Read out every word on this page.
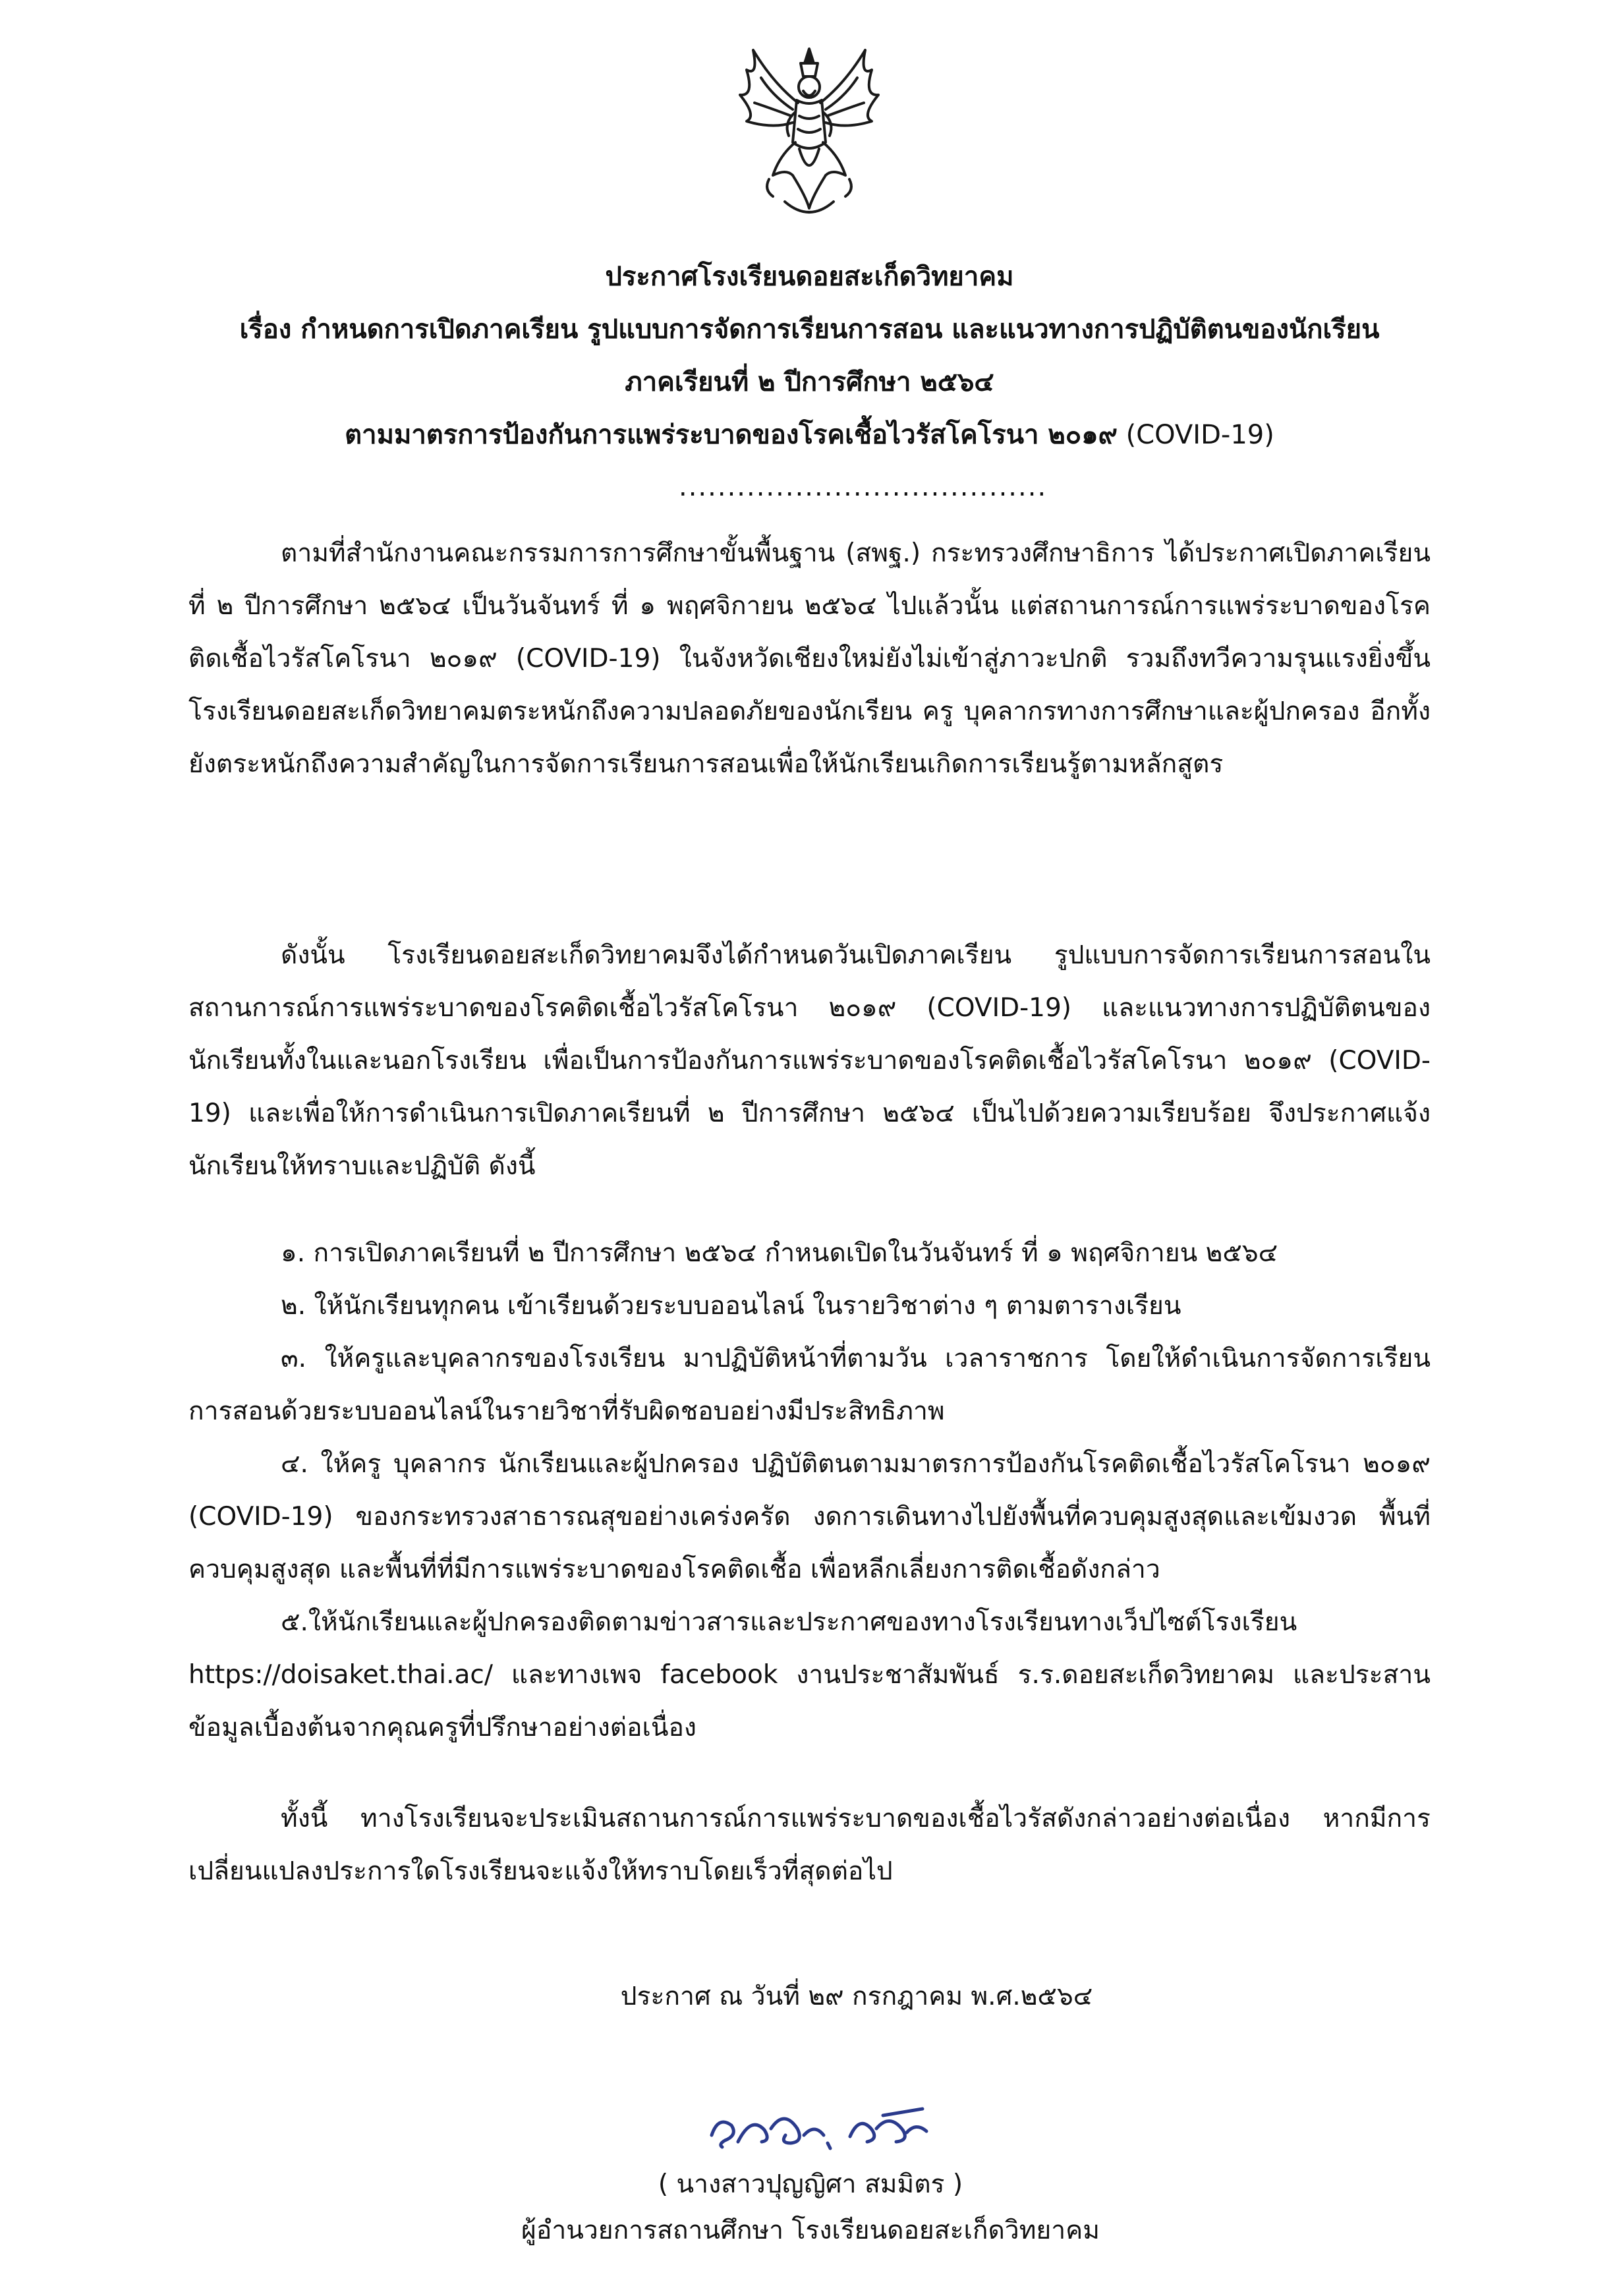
ประกาศโรงเรียนดอยสะเก็ดวิทยาคม
เรื่อง กำหนดการเปิดภาคเรียน รูปแบบการจัดการเรียนการสอน และแนวทางการปฏิบัติตนของนักเรียน
ภาคเรียนที่ ๒ ปีการศึกษา ๒๕๖๔
ตามมาตรการป้องกันการแพร่ระบาดของโรคเชื้อไวรัสโคโรนา ๒๐๑๙ (COVID-19)
......................................

ตามที่สำนักงานคณะกรรมการการศึกษาขั้นพื้นฐาน (สพฐ.) กระทรวงศึกษาธิการ ได้ประกาศเปิดภาคเรียนที่ ๒ ปีการศึกษา ๒๕๖๔ เป็นวันจันทร์ ที่ ๑ พฤศจิกายน ๒๕๖๔ ไปแล้วนั้น แต่สถานการณ์การแพร่ระบาดของโรคติดเชื้อไวรัสโคโรนา ๒๐๑๙ (COVID-19) ในจังหวัดเชียงใหม่ยังไม่เข้าสู่ภาวะปกติ รวมถึงทวีความรุนแรงยิ่งขึ้น โรงเรียนดอยสะเก็ดวิทยาคมตระหนักถึงความปลอดภัยของนักเรียน ครู บุคลากรทางการศึกษาและผู้ปกครอง อีกทั้งยังตระหนักถึงความสำคัญในการจัดการเรียนการสอนเพื่อให้นักเรียนเกิดการเรียนรู้ตามหลักสูตร

ดังนั้น โรงเรียนดอยสะเก็ดวิทยาคมจึงได้กำหนดวันเปิดภาคเรียน รูปแบบการจัดการเรียนการสอนในสถานการณ์การแพร่ระบาดของโรคติดเชื้อไวรัสโคโรนา ๒๐๑๙ (COVID-19) และแนวทางการปฏิบัติตนของนักเรียนทั้งในและนอกโรงเรียน เพื่อเป็นการป้องกันการแพร่ระบาดของโรคติดเชื้อไวรัสโคโรนา ๒๐๑๙ (COVID-19) และเพื่อให้การดำเนินการเปิดภาคเรียนที่ ๒ ปีการศึกษา ๒๕๖๔ เป็นไปด้วยความเรียบร้อย จึงประกาศแจ้งนักเรียนให้ทราบและปฏิบัติ ดังนี้

๑. การเปิดภาคเรียนที่ ๒ ปีการศึกษา ๒๕๖๔ กำหนดเปิดในวันจันทร์ ที่ ๑ พฤศจิกายน ๒๕๖๔

๒. ให้นักเรียนทุกคน เข้าเรียนด้วยระบบออนไลน์ ในรายวิชาต่าง ๆ ตามตารางเรียน

๓. ให้ครูและบุคลากรของโรงเรียน มาปฏิบัติหน้าที่ตามวัน เวลาราชการ โดยให้ดำเนินการจัดการเรียนการสอนด้วยระบบออนไลน์ในรายวิชาที่รับผิดชอบอย่างมีประสิทธิภาพ

๔. ให้ครู บุคลากร นักเรียนและผู้ปกครอง ปฏิบัติตนตามมาตรการป้องกันโรคติดเชื้อไวรัสโคโรนา ๒๐๑๙ (COVID-19) ของกระทรวงสาธารณสุขอย่างเคร่งครัด งดการเดินทางไปยังพื้นที่ควบคุมสูงสุดและเข้มงวด พื้นที่ควบคุมสูงสุด และพื้นที่ที่มีการแพร่ระบาดของโรคติดเชื้อ เพื่อหลีกเลี่ยงการติดเชื้อดังกล่าว

๕.ให้นักเรียนและผู้ปกครองติดตามข่าวสารและประกาศของทางโรงเรียนทางเว็ปไซต์โรงเรียน https://doisaket.thai.ac/ และทางเพจ facebook งานประชาสัมพันธ์ ร.ร.ดอยสะเก็ดวิทยาคม และประสานข้อมูลเบื้องต้นจากคุณครูที่ปรึกษาอย่างต่อเนื่อง

ทั้งนี้ ทางโรงเรียนจะประเมินสถานการณ์การแพร่ระบาดของเชื้อไวรัสดังกล่าวอย่างต่อเนื่อง หากมีการเปลี่ยนแปลงประการใดโรงเรียนจะแจ้งให้ทราบโดยเร็วที่สุดต่อไป

ประกาศ ณ วันที่ ๒๙ กรกฎาคม พ.ศ.๒๕๖๔
( นางสาวปุญญิศา สมมิตร )
ผู้อำนวยการสถานศึกษา โรงเรียนดอยสะเก็ดวิทยาคม
